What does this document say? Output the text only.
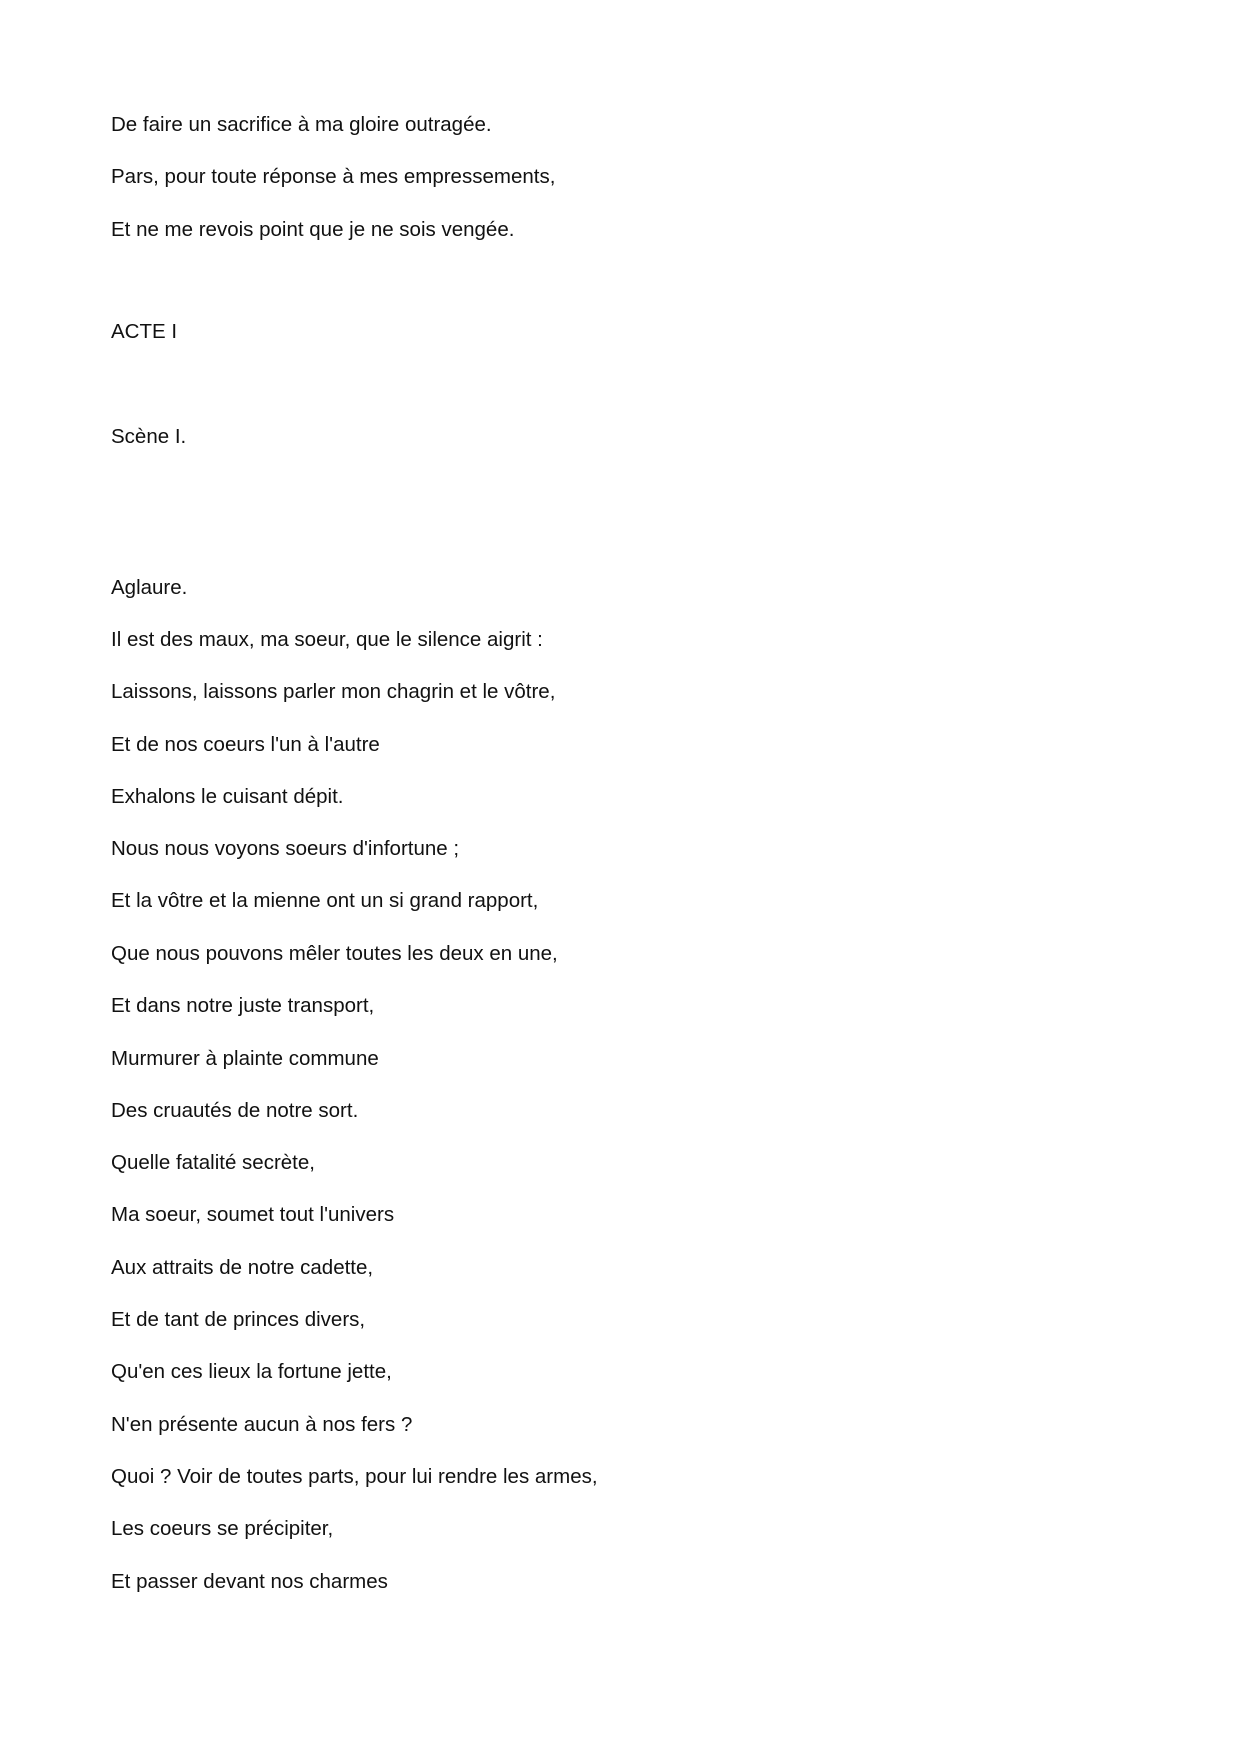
De faire un sacrifice à ma gloire outragée.
Pars, pour toute réponse à mes empressements,
Et ne me revois point que je ne sois vengée.
ACTE I
Scène I.
Aglaure.
Il est des maux, ma soeur, que le silence aigrit :
Laissons, laissons parler mon chagrin et le vôtre,
Et de nos coeurs l'un à l'autre
Exhalons le cuisant dépit.
Nous nous voyons soeurs d'infortune ;
Et la vôtre et la mienne ont un si grand rapport,
Que nous pouvons mêler toutes les deux en une,
Et dans notre juste transport,
Murmurer à plainte commune
Des cruautés de notre sort.
Quelle fatalité secrète,
Ma soeur, soumet tout l'univers
Aux attraits de notre cadette,
Et de tant de princes divers,
Qu'en ces lieux la fortune jette,
N'en présente aucun à nos fers ?
Quoi ? Voir de toutes parts, pour lui rendre les armes,
Les coeurs se précipiter,
Et passer devant nos charmes
